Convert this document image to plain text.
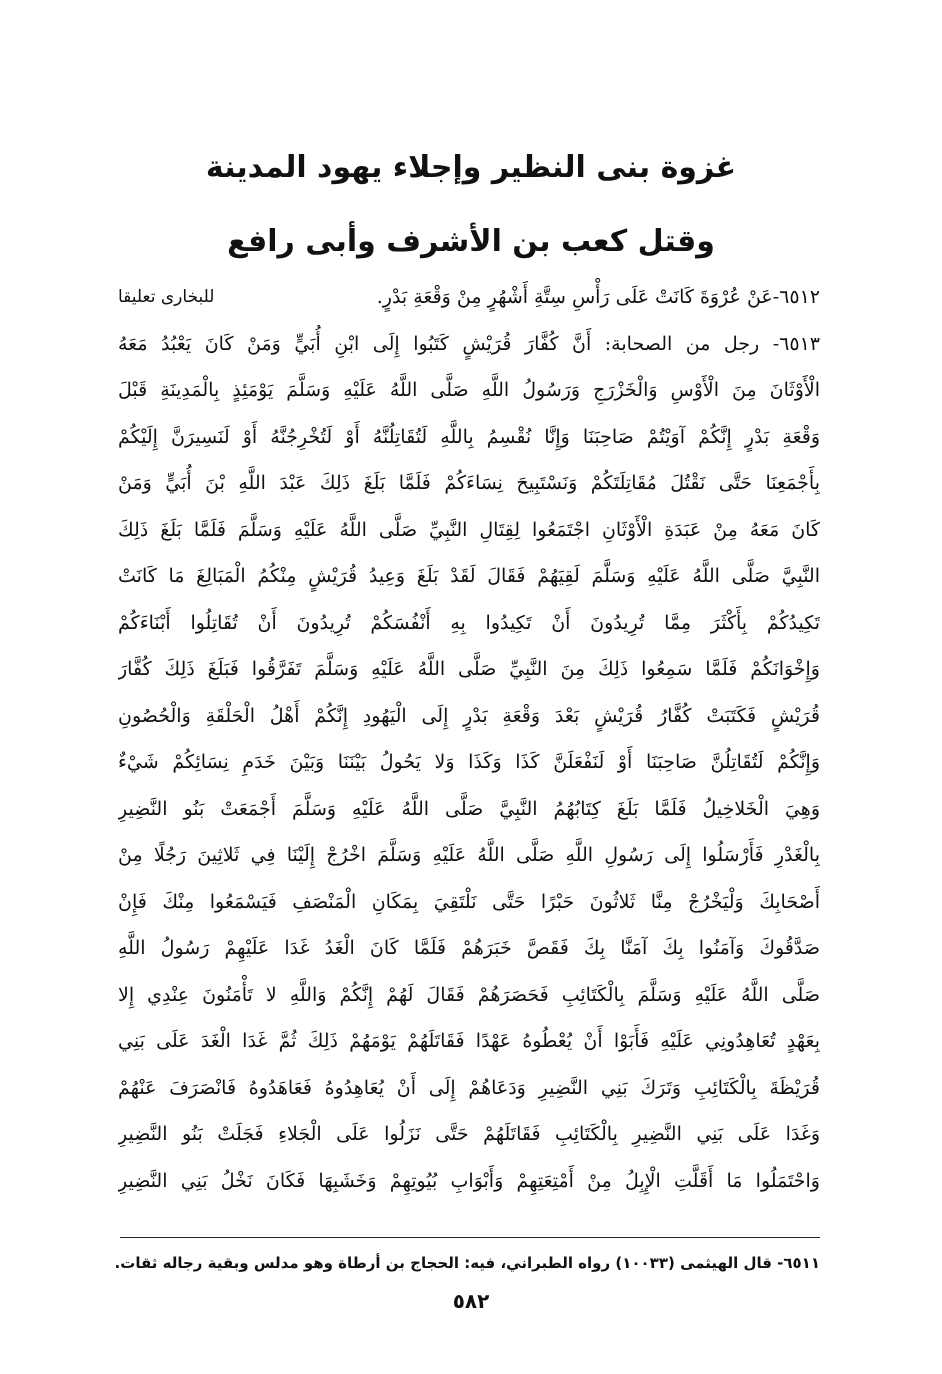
غزوة بنى النظير وإجلاء يهود المدينة
وقتل كعب بن الأشرف وأبى رافع
٦٥١٢-عَنْ عُرْوَةَ كَانَتْ عَلَى رَأْسِ سِتَّةِ أَشْهُرٍ مِنْ وَقْعَةِ بَدْرٍ.
للبخارى تعليقا
٦٥١٣- رجل من الصحابة: أَنَّ كُفَّارَ قُرَيْشٍ كَتَبُوا إِلَى ابْنِ أُبَيٍّ وَمَنْ كَانَ يَعْبُدُ مَعَهُ
الْأَوْثَانَ مِنَ الْأَوْسِ وَالْخَزْرَجِ وَرَسُولُ اللَّهِ صَلَّى اللَّهُ عَلَيْهِ وَسَلَّمَ يَوْمَئِذٍ بِالْمَدِينَةِ قَبْلَ
وَقْعَةِ بَدْرٍ إِنَّكُمْ آوَيْتُمْ صَاحِبَنَا وَإِنَّا نُقْسِمُ بِاللَّهِ لَتُقَاتِلُنَّهُ أَوْ لَتُخْرِجُنَّهُ أَوْ لَنَسِيرَنَّ إِلَيْكُمْ
بِأَجْمَعِنَا حَتَّى نَقْتُلَ مُقَاتِلَتَكُمْ وَنَسْتَبِيحَ نِسَاءَكُمْ فَلَمَّا بَلَغَ ذَلِكَ عَبْدَ اللَّهِ بْنَ أُبَيٍّ وَمَنْ
كَانَ مَعَهُ مِنْ عَبَدَةِ الْأَوْثَانِ اجْتَمَعُوا لِقِتَالِ النَّبِيِّ صَلَّى اللَّهُ عَلَيْهِ وَسَلَّمَ فَلَمَّا بَلَغَ ذَلِكَ
النَّبِيَّ صَلَّى اللَّهُ عَلَيْهِ وَسَلَّمَ لَقِيَهُمْ فَقَالَ لَقَدْ بَلَغَ وَعِيدُ قُرَيْشٍ مِنْكُمُ الْمَبَالِغَ مَا كَانَتْ
تَكِيدُكُمْ بِأَكْثَرَ مِمَّا تُرِيدُونَ أَنْ تَكِيدُوا بِهِ أَنْفُسَكُمْ تُرِيدُونَ أَنْ تُقَاتِلُوا أَبْنَاءَكُمْ
وَإِخْوَانَكُمْ فَلَمَّا سَمِعُوا ذَلِكَ مِنَ النَّبِيِّ صَلَّى اللَّهُ عَلَيْهِ وَسَلَّمَ تَفَرَّقُوا فَبَلَغَ ذَلِكَ كُفَّارَ
قُرَيْشٍ فَكَتَبَتْ كُفَّارُ قُرَيْشٍ بَعْدَ وَقْعَةِ بَدْرٍ إِلَى الْيَهُودِ إِنَّكُمْ أَهْلُ الْحَلْقَةِ وَالْحُصُونِ
وَإِنَّكُمْ لَتُقَاتِلُنَّ صَاحِبَنَا أَوْ لَنَفْعَلَنَّ كَذَا وَكَذَا وَلا يَحُولُ بَيْنَنَا وَبَيْنَ خَدَمِ نِسَائِكُمْ شَيْءٌ
وَهِيَ الْخَلاخِيلُ فَلَمَّا بَلَغَ كِتَابُهُمُ النَّبِيَّ صَلَّى اللَّهُ عَلَيْهِ وَسَلَّمَ أَجْمَعَتْ بَنُو النَّضِيرِ
بِالْغَدْرِ فَأَرْسَلُوا إِلَى رَسُولِ اللَّهِ صَلَّى اللَّهُ عَلَيْهِ وَسَلَّمَ اخْرُجْ إِلَيْنَا فِي ثَلاثِينَ رَجُلًا مِنْ
أَصْحَابِكَ وَلْيَخْرُجْ مِنَّا ثَلاثُونَ حَبْرًا حَتَّى نَلْتَقِيَ بِمَكَانِ الْمَنْصَفِ فَيَسْمَعُوا مِنْكَ فَإِنْ
صَدَّقُوكَ وَآمَنُوا بِكَ آمَنَّا بِكَ فَقَصَّ خَبَرَهُمْ فَلَمَّا كَانَ الْغَدُ غَدَا عَلَيْهِمْ رَسُولُ اللَّهِ
صَلَّى اللَّهُ عَلَيْهِ وَسَلَّمَ بِالْكَتَائِبِ فَحَصَرَهُمْ فَقَالَ لَهُمْ إِنَّكُمْ وَاللَّهِ لا تَأْمَنُونَ عِنْدِي إِلا
بِعَهْدٍ تُعَاهِدُونِي عَلَيْهِ فَأَبَوْا أَنْ يُعْطُوهُ عَهْدًا فَقَاتَلَهُمْ يَوْمَهُمْ ذَلِكَ ثُمَّ غَدَا الْغَدَ عَلَى بَنِي
قُرَيْظَةَ بِالْكَتَائِبِ وَتَرَكَ بَنِي النَّضِيرِ وَدَعَاهُمْ إِلَى أَنْ يُعَاهِدُوهُ فَعَاهَدُوهُ فَانْصَرَفَ عَنْهُمْ
وَغَدَا عَلَى بَنِي النَّضِيرِ بِالْكَتَائِبِ فَقَاتَلَهُمْ حَتَّى نَزَلُوا عَلَى الْجَلاءِ فَجَلَتْ بَنُو النَّضِيرِ
وَاحْتَمَلُوا مَا أَقَلَّتِ الْإِبِلُ مِنْ أَمْتِعَتِهِمْ وَأَبْوَابِ بُيُوتِهِمْ وَخَشَبِهَا فَكَانَ نَخْلُ بَنِي النَّضِيرِ
٦٥١١- قال الهيثمى (١٠٠٣٣) رواه الطبراني، فيه: الحجاج بن أرطاة وهو مدلس وبقية رجاله ثقات.
٥٨٢
